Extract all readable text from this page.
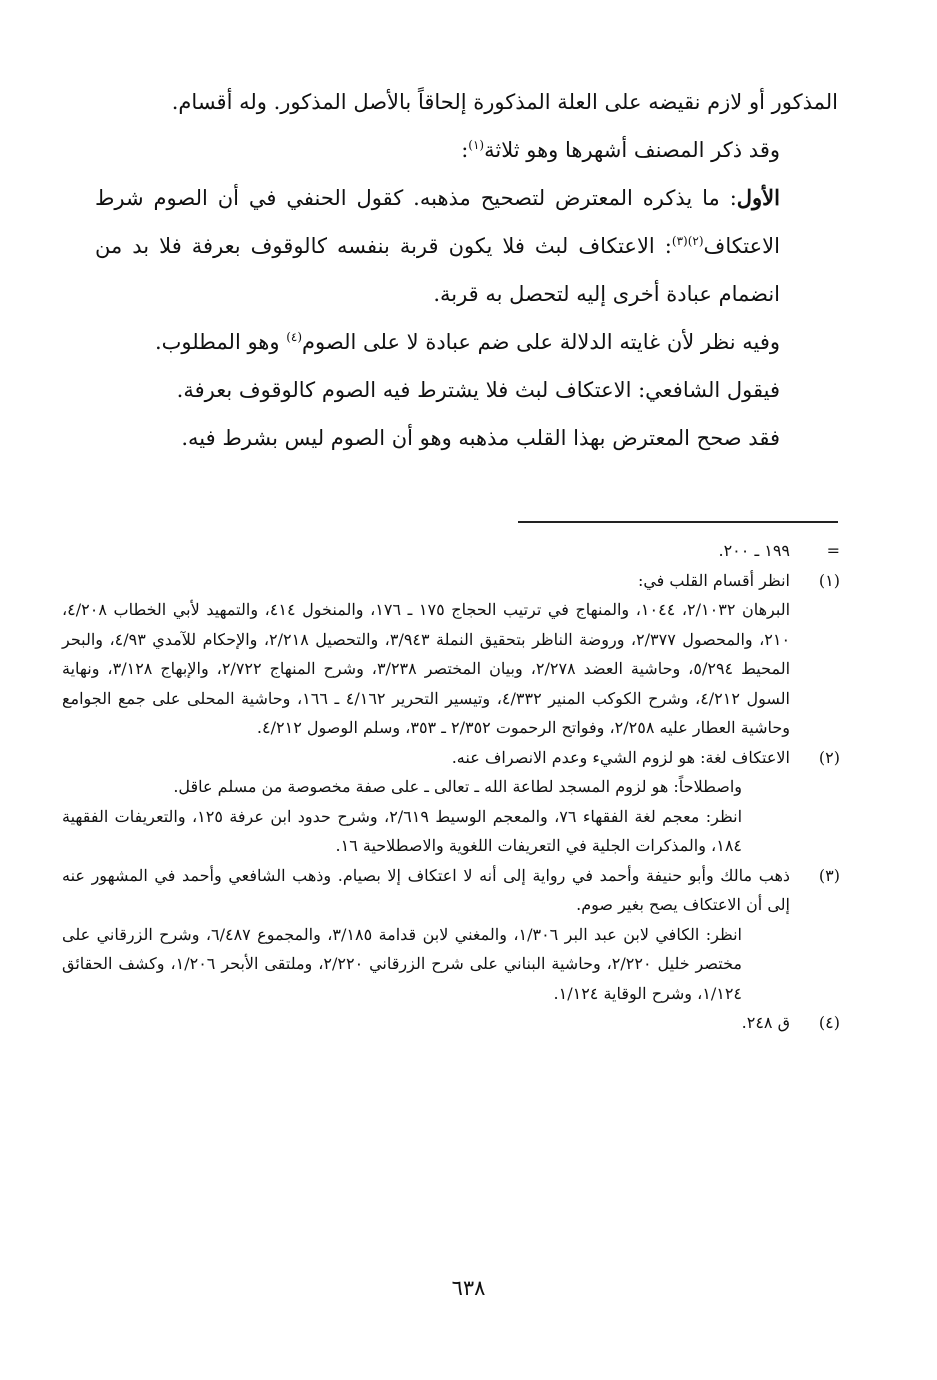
المذكور أو لازم نقيضه على العلة المذكورة إلحاقاً بالأصل المذكور. وله أقسام.

وقد ذكر المصنف أشهرها وهو ثلاثة$^{(١)}$:

الأول: ما يذكره المعترض لتصحيح مذهبه. كقول الحنفي في أن الصوم شرط الاعتكاف$^{(٢)(٣)}$: الاعتكاف لبث فلا يكون قربة بنفسه كالوقوف بعرفة فلا بد من انضمام عبادة أخرى إليه لتحصل به قربة.

وفيه نظر لأن غايته الدلالة على ضم عبادة لا على الصوم$^{(٤)}$ وهو المطلوب.

فيقول الشافعي: الاعتكاف لبث فلا يشترط فيه الصوم كالوقوف بعرفة.

فقد صحح المعترض بهذا القلب مذهبه وهو أن الصوم ليس بشرط فيه.

=

١٩٩ ـ ٢٠٠.

(١)

انظر أقسام القلب في:

البرهان ٢/١٠٣٢، ١٠٤٤، والمنهاج في ترتيب الحجاج ١٧٥ ـ ١٧٦، والمنخول ٤١٤، والتمهيد لأبي الخطاب ٤/٢٠٨، ٢١٠، والمحصول ٢/٣٧٧، وروضة الناظر بتحقيق النملة ٣/٩٤٣، والتحصيل ٢/٢١٨، والإحكام للآمدي ٤/٩٣، والبحر المحيط ٥/٢٩٤، وحاشية العضد ٢/٢٧٨، وبيان المختصر ٣/٢٣٨، وشرح المنهاج ٢/٧٢٢، والإبهاج ٣/١٢٨، ونهاية السول ٤/٢١٢، وشرح الكوكب المنير ٤/٣٣٢، وتيسير التحرير ٤/١٦٢ ـ ١٦٦، وحاشية المحلى على جمع الجوامع وحاشية العطار عليه ٢/٢٥٨، وفواتح الرحموت ٢/٣٥٢ ـ ٣٥٣، وسلم الوصول ٤/٢١٢.

(٢)

الاعتكاف لغة: هو لزوم الشيء وعدم الانصراف عنه.

واصطلاحاً: هو لزوم المسجد لطاعة الله ـ تعالى ـ على صفة مخصوصة من مسلم عاقل.

انظر: معجم لغة الفقهاء ٧٦، والمعجم الوسيط ٢/٦١٩، وشرح حدود ابن عرفة ١٢٥، والتعريفات الفقهية ١٨٤، والمذكرات الجلية في التعريفات اللغوية والاصطلاحية ١٦.

(٣)

ذهب مالك وأبو حنيفة وأحمد في رواية إلى أنه لا اعتكاف إلا بصيام. وذهب الشافعي وأحمد في المشهور عنه إلى أن الاعتكاف يصح بغير صوم.

انظر: الكافي لابن عبد البر ١/٣٠٦، والمغني لابن قدامة ٣/١٨٥، والمجموع ٦/٤٨٧، وشرح الزرقاني على مختصر خليل ٢/٢٢٠، وحاشية البناني على شرح الزرقاني ٢/٢٢٠، وملتقى الأبحر ١/٢٠٦، وكشف الحقائق ١/١٢٤، وشرح الوقاية ١/١٢٤.

(٤)

ق ٢٤٨.

٦٣٨
